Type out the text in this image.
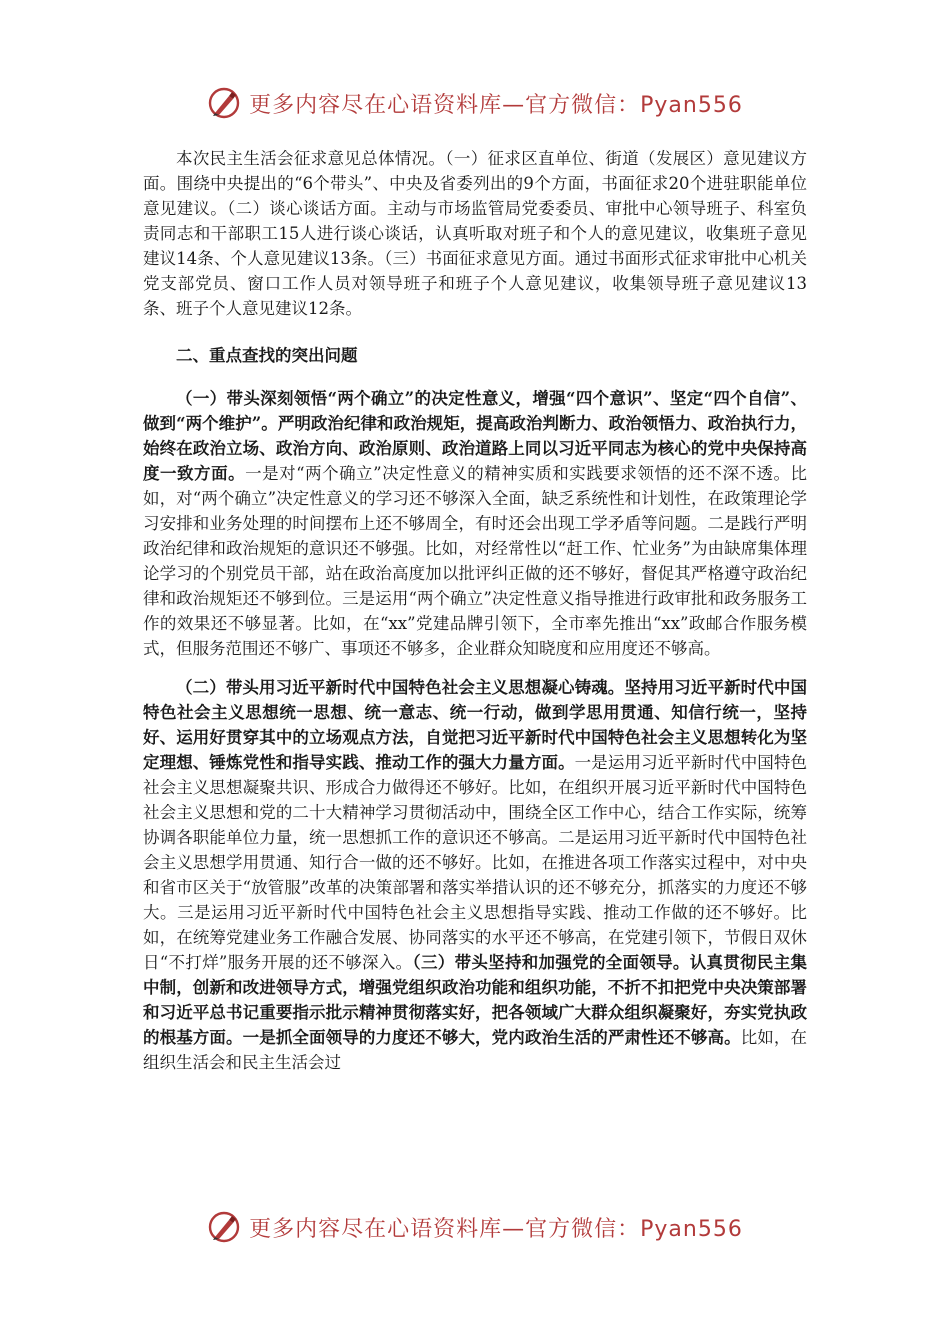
更多内容尽在心语资料库—官方微信：Pyan556

本次民主生活会征求意见总体情况。（一）征求区直单位、街道（发展区）意见建议方面。围绕中央提出的“6个带头”、中央及省委列出的9个方面，书面征求20个进驻职能单位意见建议。（二）谈心谈话方面。主动与市场监管局党委委员、审批中心领导班子、科室负责同志和干部职工15人进行谈心谈话，认真听取对班子和个人的意见建议，收集班子意见建议14条、个人意见建议13条。（三）书面征求意见方面。通过书面形式征求审批中心机关党支部党员、窗口工作人员对领导班子和班子个人意见建议，收集领导班子意见建议13条、班子个人意见建议12条。

二、重点查找的突出问题

（一）带头深刻领悟“两个确立”的决定性意义，增强“四个意识”、坚定“四个自信”、做到“两个维护”。严明政治纪律和政治规矩，提高政治判断力、政治领悟力、政治执行力，始终在政治立场、政治方向、政治原则、政治道路上同以习近平同志为核心的党中央保持高度一致方面。一是对“两个确立”决定性意义的精神实质和实践要求领悟的还不深不透。比如，对“两个确立”决定性意义的学习还不够深入全面，缺乏系统性和计划性，在政策理论学习安排和业务处理的时间摆布上还不够周全，有时还会出现工学矛盾等问题。二是践行严明政治纪律和政治规矩的意识还不够强。比如，对经常性以“赶工作、忙业务”为由缺席集体理论学习的个别党员干部，站在政治高度加以批评纠正做的还不够好，督促其严格遵守政治纪律和政治规矩还不够到位。三是运用“两个确立”决定性意义指导推进行政审批和政务服务工作的效果还不够显著。比如，在“xx”党建品牌引领下，全市率先推出“xx”政邮合作服务模式，但服务范围还不够广、事项还不够多，企业群众知晓度和应用度还不够高。

（二）带头用习近平新时代中国特色社会主义思想凝心铸魂。坚持用习近平新时代中国特色社会主义思想统一思想、统一意志、统一行动，做到学思用贯通、知信行统一，坚持好、运用好贯穿其中的立场观点方法，自觉把习近平新时代中国特色社会主义思想转化为坚定理想、锤炼党性和指导实践、推动工作的强大力量方面。一是运用习近平新时代中国特色社会主义思想凝聚共识、形成合力做得还不够好。比如，在组织开展习近平新时代中国特色社会主义思想和党的二十大精神学习贯彻活动中，围绕全区工作中心，结合工作实际，统筹协调各职能单位力量，统一思想抓工作的意识还不够高。二是运用习近平新时代中国特色社会主义思想学用贯通、知行合一做的还不够好。比如，在推进各项工作落实过程中，对中央和省市区关于“放管服”改革的决策部署和落实举措认识的还不够充分，抓落实的力度还不够大。三是运用习近平新时代中国特色社会主义思想指导实践、推动工作做的还不够好。比如，在统筹党建业务工作融合发展、协同落实的水平还不够高，在党建引领下，节假日双休日“不打烊”服务开展的还不够深入。（三）带头坚持和加强党的全面领导。认真贯彻民主集中制，创新和改进领导方式，增强党组织政治功能和组织功能，不折不扣把党中央决策部署和习近平总书记重要指示批示精神贯彻落实好，把各领域广大群众组织凝聚好，夯实党执政的根基方面。一是抓全面领导的力度还不够大，党内政治生活的严肃性还不够高。比如，在组织生活会和民主生活会过

更多内容尽在心语资料库—官方微信：Pyan556
